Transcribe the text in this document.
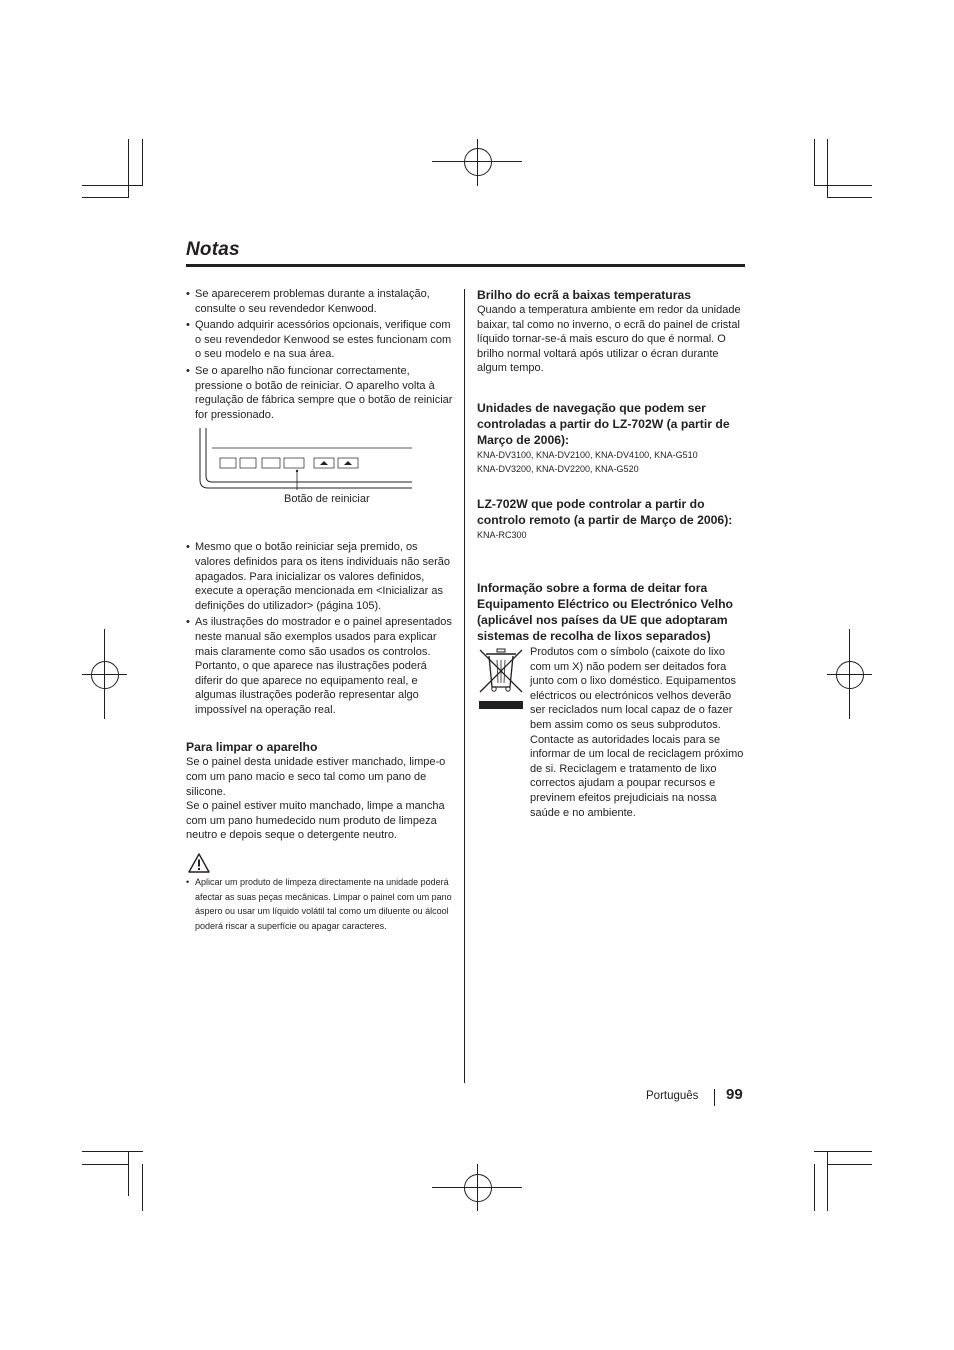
Notas
• Se aparecerem problemas durante a instalação, consulte o seu revendedor Kenwood.
• Quando adquirir acessórios opcionais, verifique com o seu revendedor Kenwood se estes funcionam com o seu modelo e na sua área.
• Se o aparelho não funcionar correctamente, pressione o botão de reiniciar. O aparelho volta à regulação de fábrica sempre que o botão de reiniciar for pressionado.
Botão de reiniciar
• Mesmo que o botão reiniciar seja premido, os valores definidos para os itens individuais não serão apagados. Para inicializar os valores definidos, execute a operação mencionada em <Inicializar as definições do utilizador> (página 105).
• As ilustrações do mostrador e o painel apresentados neste manual são exemplos usados para explicar mais claramente como são usados os controlos. Portanto, o que aparece nas ilustrações poderá diferir do que aparece no equipamento real, e algumas ilustrações poderão representar algo impossível na operação real.
Para limpar o aparelho

Se o painel desta unidade estiver manchado, limpe-o com um pano macio e seco tal como um pano de silicone.

Se o painel estiver muito manchado, limpe a mancha com um pano humedecido num produto de limpeza neutro e depois seque o detergente neutro.

• Aplicar um produto de limpeza directamente na unidade poderá afectar as suas peças mecânicas. Limpar o painel com um pano áspero ou usar um líquido volátil tal como um diluente ou álcool poderá riscar a superfície ou apagar caracteres.
Brilho do ecrã a baixas temperaturas

Quando a temperatura ambiente em redor da unidade baixar, tal como no inverno, o ecrã do painel de cristal líquido tornar-se-á mais escuro do que é normal. O brilho normal voltará após utilizar o écran durante algum tempo.

Unidades de navegação que podem ser controladas a partir do LZ-702W (a partir de Março de 2006):

KNA-DV3100, KNA-DV2100, KNA-DV4100, KNA-G510

KNA-DV3200, KNA-DV2200, KNA-G520

LZ-702W que pode controlar a partir do controlo remoto (a partir de Março de 2006):

KNA-RC300

Informação sobre a forma de deitar fora Equipamento Eléctrico ou Electrónico Velho (aplicável nos países da UE que adoptaram sistemas de recolha de lixos separados)

Produtos com o símbolo (caixote do lixo com um X) não podem ser deitados fora junto com o lixo doméstico. Equipamentos eléctricos ou electrónicos velhos deverão ser reciclados num local capaz de o fazer bem assim como os seus subprodutos. Contacte as autoridades locais para se informar de um local de reciclagem próximo de si. Reciclagem e tratamento de lixo correctos ajudam a poupar recursos e previnem efeitos prejudiciais na nossa saúde e no ambiente.

Português 99
